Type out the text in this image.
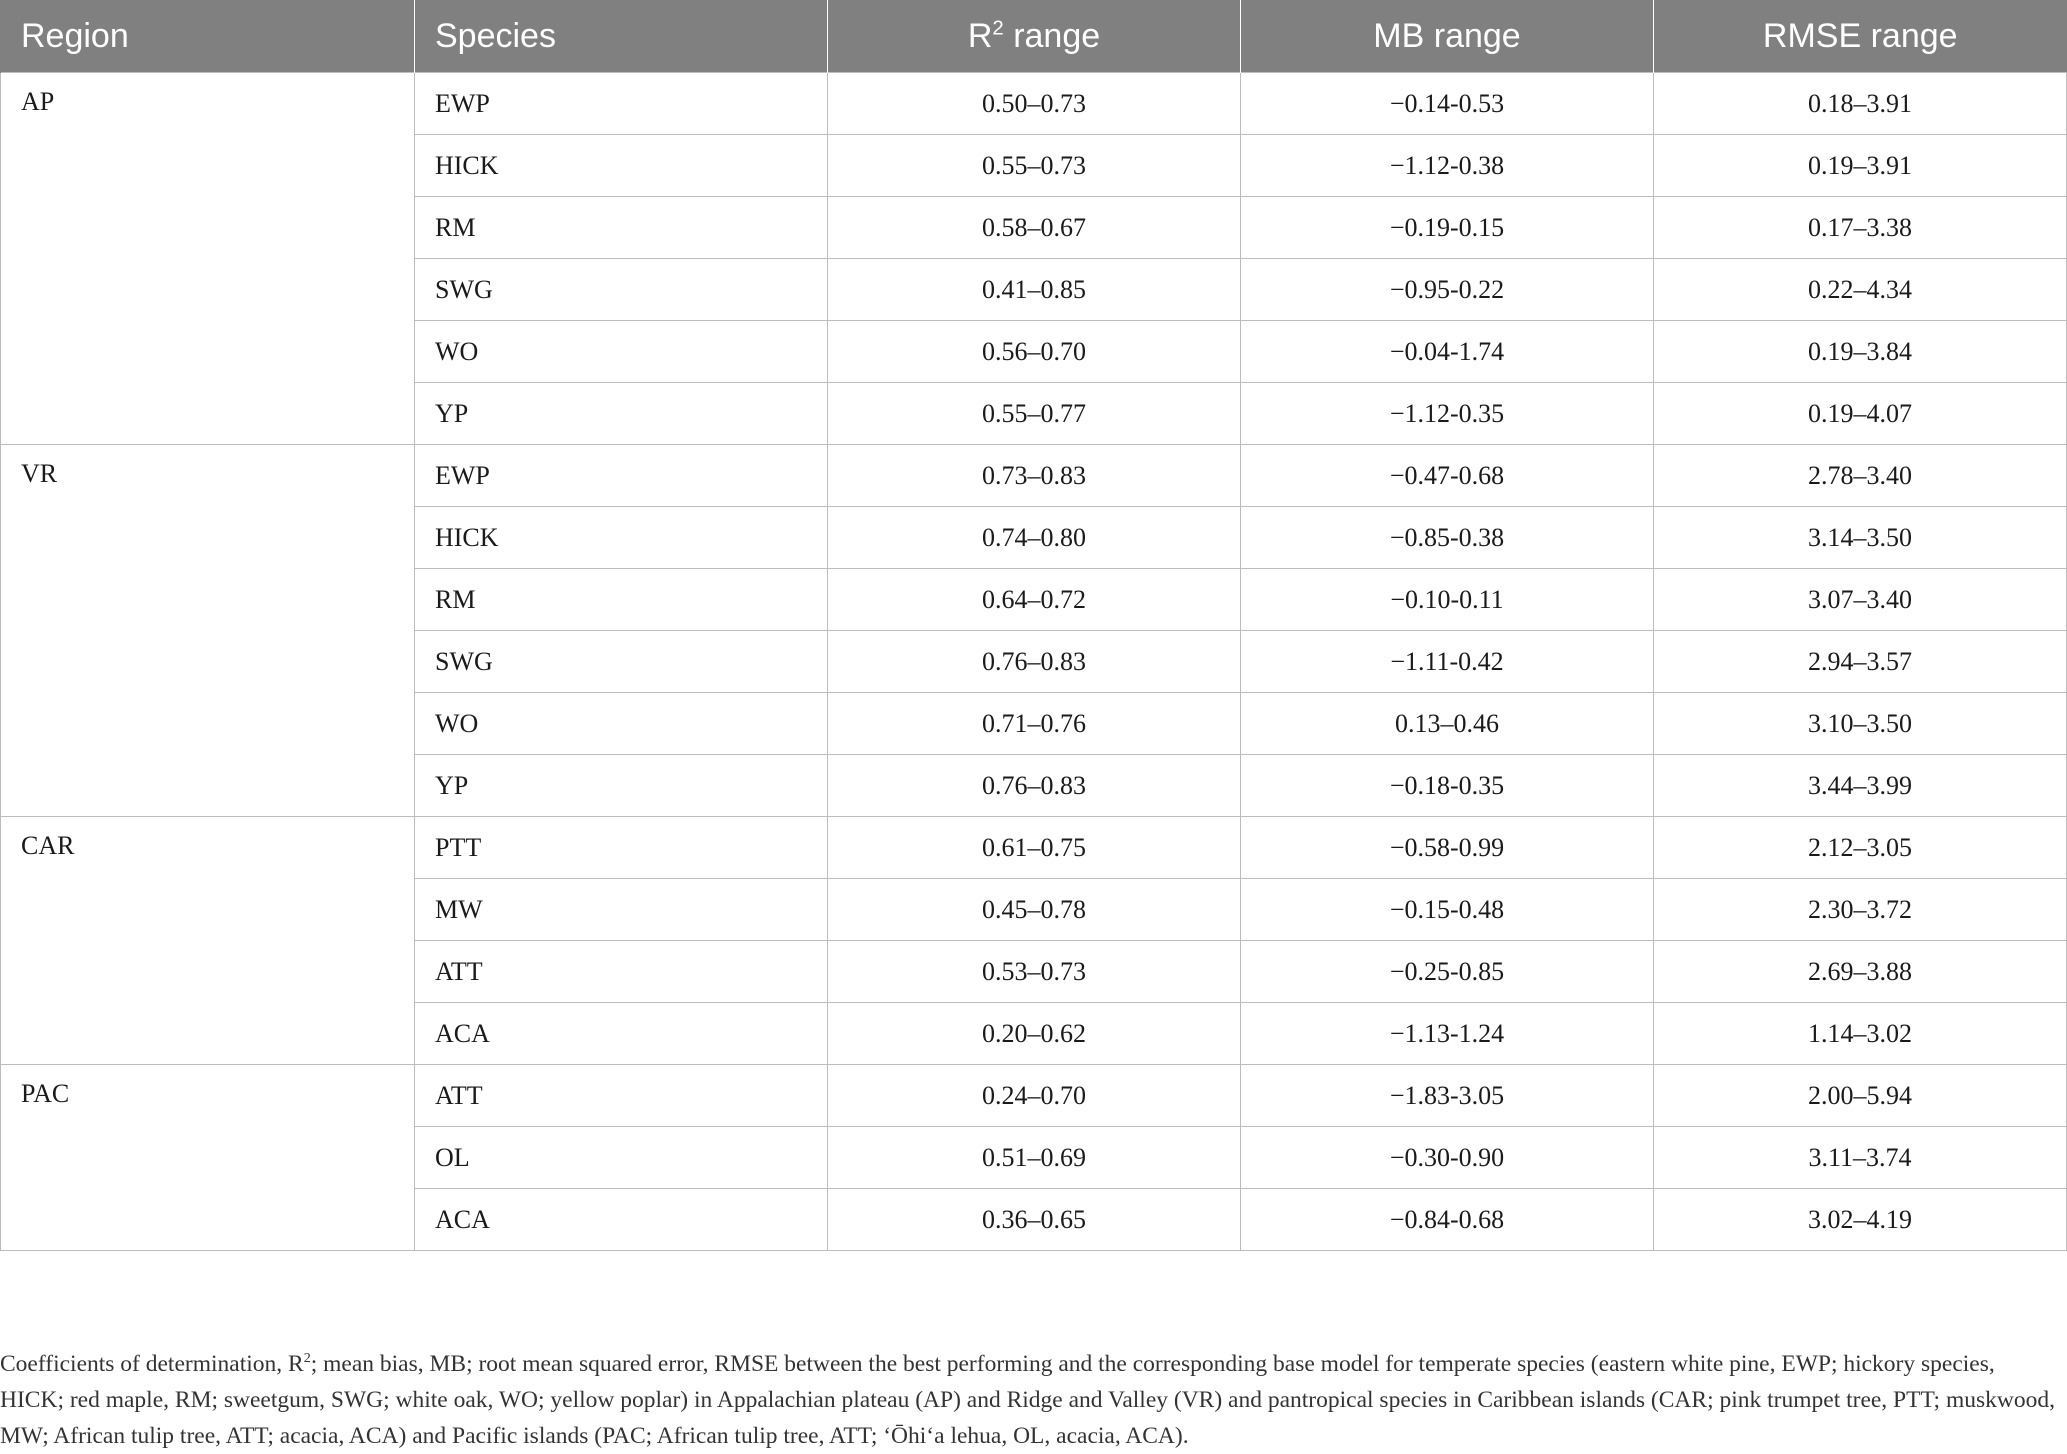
Region	Species	$R^2$ range	MB range	RMSE range
AP	EWP	0.50–0.73	−0.14-0.53	0.18–3.91
	HICK	0.55–0.73	−1.12-0.38	0.19–3.91
	RM	0.58–0.67	−0.19-0.15	0.17–3.38
	SWG	0.41–0.85	−0.95-0.22	0.22–4.34
	WO	0.56–0.70	−0.04-1.74	0.19–3.84
	YP	0.55–0.77	−1.12-0.35	0.19–4.07
VR	EWP	0.73–0.83	−0.47-0.68	2.78–3.40
	HICK	0.74–0.80	−0.85-0.38	3.14–3.50
	RM	0.64–0.72	−0.10-0.11	3.07–3.40
	SWG	0.76–0.83	−1.11-0.42	2.94–3.57
	WO	0.71–0.76	0.13–0.46	3.10–3.50
	YP	0.76–0.83	−0.18-0.35	3.44–3.99
CAR	PTT	0.61–0.75	−0.58-0.99	2.12–3.05
	MW	0.45–0.78	−0.15-0.48	2.30–3.72
	ATT	0.53–0.73	−0.25-0.85	2.69–3.88
	ACA	0.20–0.62	−1.13-1.24	1.14–3.02
PAC	ATT	0.24–0.70	−1.83-3.05	2.00–5.94
	OL	0.51–0.69	−0.30-0.90	3.11–3.74
	ACA	0.36–0.65	−0.84-0.68	3.02–4.19
Coefficients of determination, $R^2$; mean bias, MB; root mean squared error, RMSE between the best performing and the corresponding base model for temperate species (eastern white pine, EWP; hickory species, HICK; red maple, RM; sweetgum, SWG; white oak, WO; yellow poplar) in Appalachian plateau (AP) and Ridge and Valley (VR) and pantropical species in Caribbean islands (CAR; pink trumpet tree, PTT; muskwood, MW; African tulip tree, ATT; acacia, ACA) and Pacific islands (PAC; African tulip tree, ATT; ʻŌhiʻa lehua, OL, acacia, ACA).
